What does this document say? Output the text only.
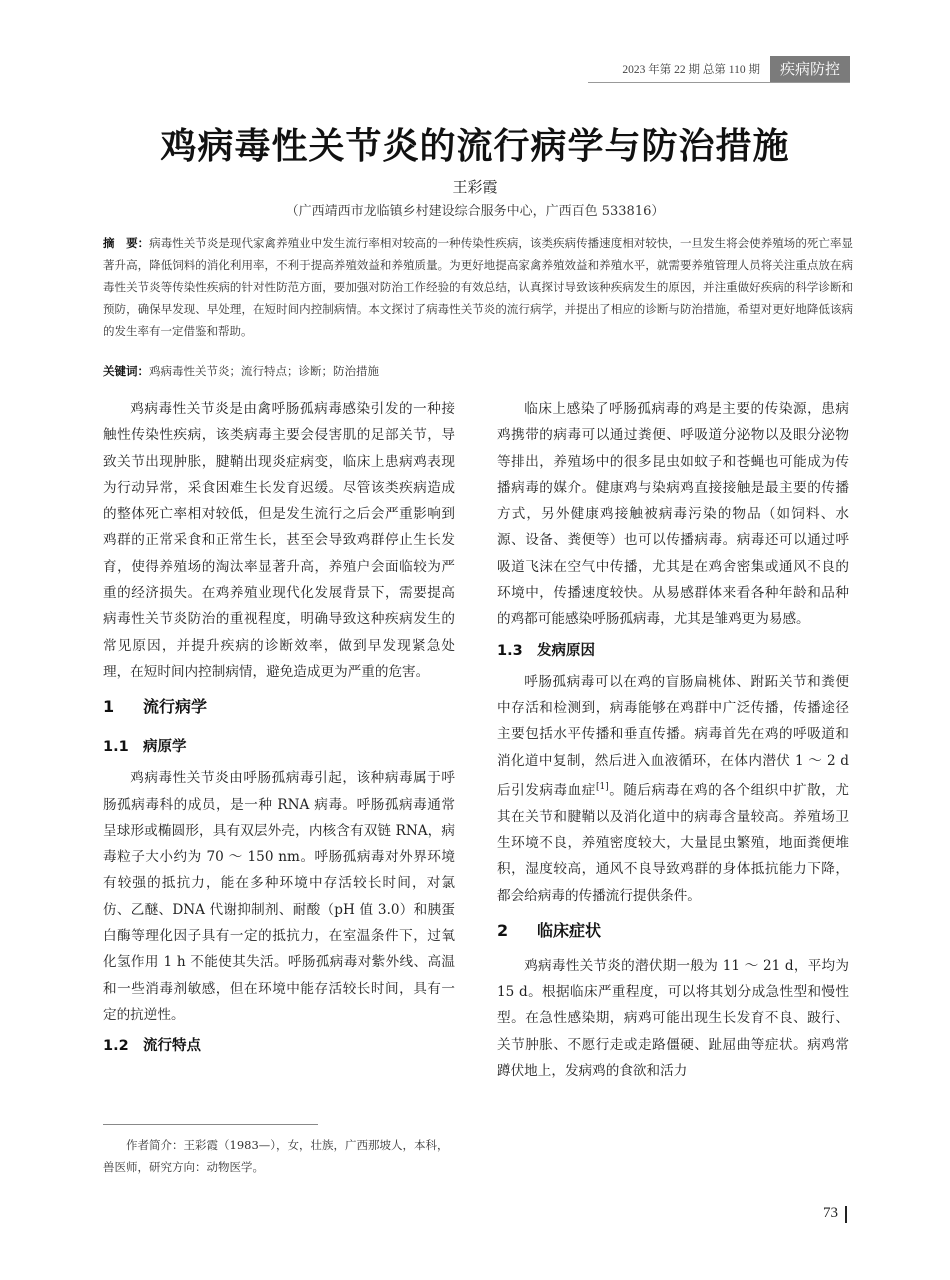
2023 年第 22 期 总第 110 期	疾病防控
鸡病毒性关节炎的流行病学与防治措施
王彩霞
（广西靖西市龙临镇乡村建设综合服务中心，广西百色 533816）
摘　要：病毒性关节炎是现代家禽养殖业中发生流行率相对较高的一种传染性疾病，该类疾病传播速度相对较快，一旦发生将会使养殖场的死亡率显著升高，降低饲料的消化利用率，不利于提高养殖效益和养殖质量。为更好地提高家禽养殖效益和养殖水平，就需要养殖管理人员将关注重点放在病毒性关节炎等传染性疾病的针对性防范方面，要加强对防治工作经验的有效总结，认真探讨导致该种疾病发生的原因，并注重做好疾病的科学诊断和预防，确保早发现、早处理，在短时间内控制病情。本文探讨了病毒性关节炎的流行病学，并提出了相应的诊断与防治措施，希望对更好地降低该病的发生率有一定借鉴和帮助。
关键词：鸡病毒性关节炎；流行特点；诊断；防治措施

鸡病毒性关节炎是由禽呼肠孤病毒感染引发的一种接触性传染性疾病，该类病毒主要会侵害肌的足部关节，导致关节出现肿胀，腱鞘出现炎症病变，临床上患病鸡表现为行动异常，采食困难生长发育迟缓。尽管该类疾病造成的整体死亡率相对较低，但是发生流行之后会严重影响到鸡群的正常采食和正常生长，甚至会导致鸡群停止生长发育，使得养殖场的淘汰率显著升高，养殖户会面临较为严重的经济损失。在鸡养殖业现代化发展背景下，需要提高病毒性关节炎防治的重视程度，明确导致这种疾病发生的常见原因，并提升疾病的诊断效率，做到早发现紧急处理，在短时间内控制病情，避免造成更为严重的危害。

1 流行病学
1.1 病原学

鸡病毒性关节炎由呼肠孤病毒引起，该种病毒属于呼肠孤病毒科的成员，是一种 RNA 病毒。呼肠孤病毒通常呈球形或椭圆形，具有双层外壳，内核含有双链 RNA，病毒粒子大小约为 70 ～ 150 nm。呼肠孤病毒对外界环境有较强的抵抗力，能在多种环境中存活较长时间，对氯仿、乙醚、DNA 代谢抑制剂、耐酸（pH 值 3.0）和胰蛋白酶等理化因子具有一定的抵抗力，在室温条件下，过氧化氢作用 1 h 不能使其失活。呼肠孤病毒对紫外线、高温和一些消毒剂敏感，但在环境中能存活较长时间，具有一定的抗逆性。

1.2 流行特点

作者简介：王彩霞（1983—），女，壮族，广西那坡人，本科，兽医师，研究方向：动物医学。

临床上感染了呼肠孤病毒的鸡是主要的传染源，患病鸡携带的病毒可以通过粪便、呼吸道分泌物以及眼分泌物等排出，养殖场中的很多昆虫如蚊子和苍蝇也可能成为传播病毒的媒介。健康鸡与染病鸡直接接触是最主要的传播方式，另外健康鸡接触被病毒污染的物品（如饲料、水源、设备、粪便等）也可以传播病毒。病毒还可以通过呼吸道飞沫在空气中传播，尤其是在鸡舍密集或通风不良的环境中，传播速度较快。从易感群体来看各种年龄和品种的鸡都可能感染呼肠孤病毒，尤其是雏鸡更为易感。

1.3 发病原因

呼肠孤病毒可以在鸡的盲肠扁桃体、跗跖关节和粪便中存活和检测到，病毒能够在鸡群中广泛传播，传播途径主要包括水平传播和垂直传播。病毒首先在鸡的呼吸道和消化道中复制，然后进入血液循环，在体内潜伏 1 ～ 2 d 后引发病毒血症[1]。随后病毒在鸡的各个组织中扩散，尤其在关节和腱鞘以及消化道中的病毒含量较高。养殖场卫生环境不良，养殖密度较大，大量昆虫繁殖，地面粪便堆积，湿度较高，通风不良导致鸡群的身体抵抗能力下降，都会给病毒的传播流行提供条件。

2 临床症状

鸡病毒性关节炎的潜伏期一般为 11 ～ 21 d，平均为 15 d。根据临床严重程度，可以将其划分成急性型和慢性型。在急性感染期，病鸡可能出现生长发育不良、跛行、关节肿胀、不愿行走或走路僵硬、趾屈曲等症状。病鸡常蹲伏地上，发病鸡的食欲和活力

73
